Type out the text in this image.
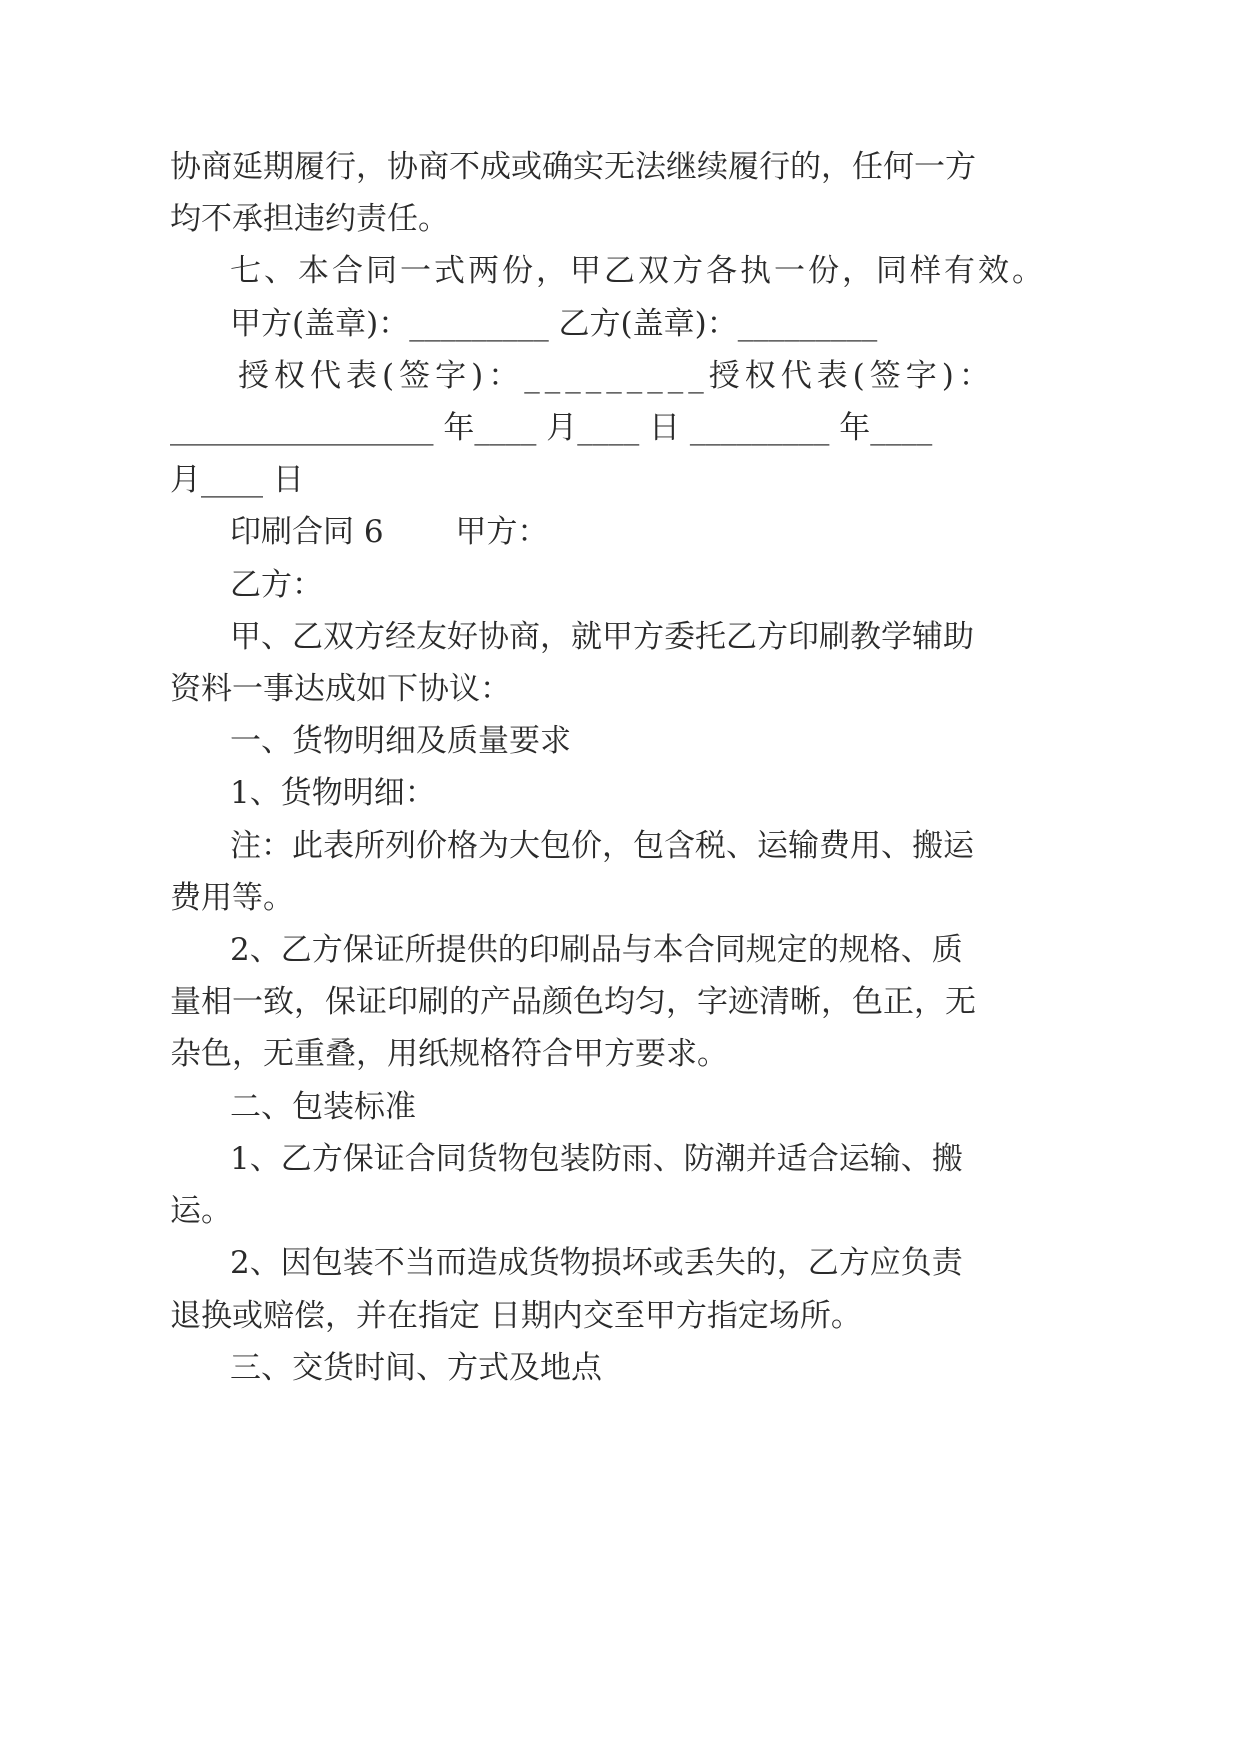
协商延期履行，协商不成或确实无法继续履行的，任何一方
均不承担违约责任。
七、本合同一式两份，甲乙双方各执一份，同样有效。
甲方(盖章)：_________ 乙方(盖章)：_________
授权代表(签字)：_________授权代表(签字)：
_________________ 年____ 月____ 日 _________ 年____
月____ 日
印刷合同 6　　 甲方：
乙方：
甲、乙双方经友好协商，就甲方委托乙方印刷教学辅助
资料一事达成如下协议：
一、货物明细及质量要求
1、货物明细：
注：此表所列价格为大包价，包含税、运输费用、搬运
费用等。
2、乙方保证所提供的印刷品与本合同规定的规格、质
量相一致，保证印刷的产品颜色均匀，字迹清晰，色正，无
杂色，无重叠，用纸规格符合甲方要求。
二、包装标准
1、乙方保证合同货物包装防雨、防潮并适合运输、搬
运。
2、因包装不当而造成货物损坏或丢失的，乙方应负责
退换或赔偿，并在指定 日期内交至甲方指定场所。
三、交货时间、方式及地点
